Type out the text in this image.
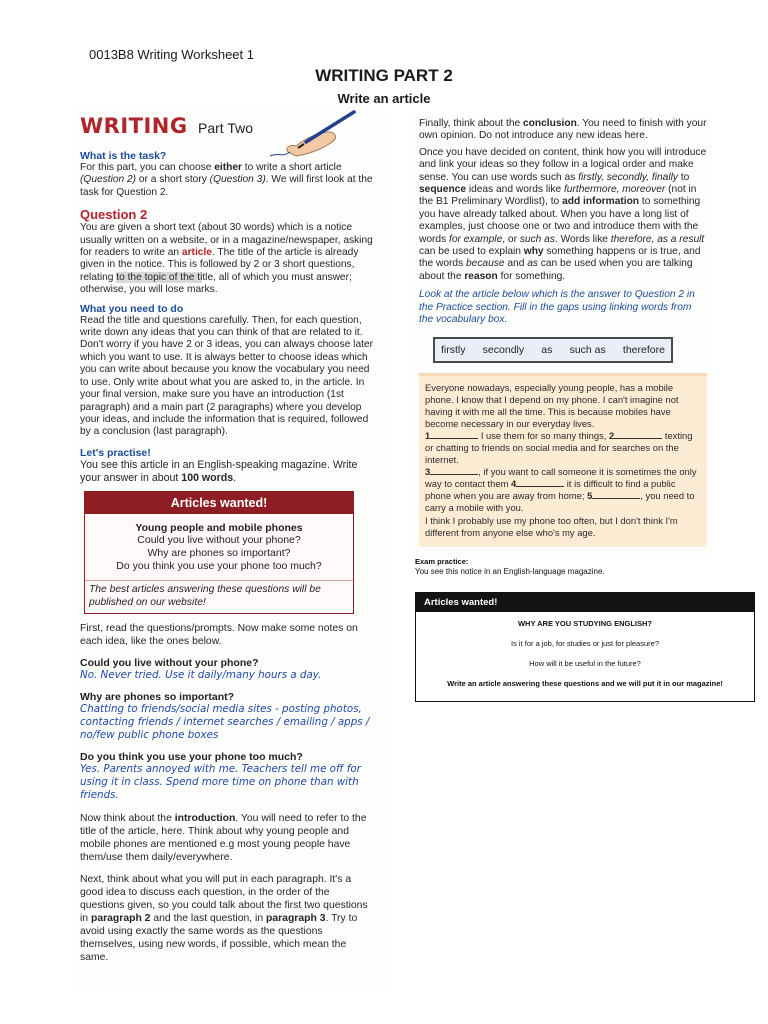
0013B8 Writing Worksheet 1
WRITING PART 2
Write an article
WRITING Part Two
What is the task?
For this part, you can choose either to write a short article (Question 2) or a short story (Question 3). We will first look at the task for Question 2.
Question 2
You are given a short text (about 30 words) which is a notice usually written on a website, or in a magazine/newspaper, asking for readers to write an article. The title of the article is already given in the notice. This is followed by 2 or 3 short questions, relating to the topic of the title, all of which you must answer; otherwise, you will lose marks.
What you need to do
Read the title and questions carefully. Then, for each question, write down any ideas that you can think of that are related to it. Don't worry if you have 2 or 3 ideas, you can always choose later which you want to use. It is always better to choose ideas which you can write about because you know the vocabulary you need to use. Only write about what you are asked to, in the article. In your final version, make sure you have an introduction (1st paragraph) and a main part (2 paragraphs) where you develop your ideas, and include the information that is required, followed by a conclusion (last paragraph).
Let's practise!
You see this article in an English-speaking magazine. Write your answer in about 100 words.
Articles wanted!
Young people and mobile phones
Could you live without your phone?
Why are phones so important?
Do you think you use your phone too much?
The best articles answering these questions will be published on our website!
First, read the questions/prompts. Now make some notes on each idea, like the ones below.
Could you live without your phone?
No. Never tried. Use it daily/many hours a day.
Why are phones so important?
Chatting to friends/social media sites - posting photos, contacting friends / internet searches / emailing / apps / no/few public phone boxes
Do you think you use your phone too much?
Yes. Parents annoyed with me. Teachers tell me off for using it in class. Spend more time on phone than with friends.
Now think about the introduction. You will need to refer to the title of the article, here. Think about why young people and mobile phones are mentioned e.g most young people have them/use them daily/everywhere.
Next, think about what you will put in each paragraph. It's a good idea to discuss each question, in the order of the questions given, so you could talk about the first two questions in paragraph 2 and the last question, in paragraph 3. Try to avoid using exactly the same words as the questions themselves, using new words, if possible, which mean the same.
Finally, think about the conclusion. You need to finish with your own opinion. Do not introduce any new ideas here.
Once you have decided on content, think how you will introduce and link your ideas so they follow in a logical order and make sense. You can use words such as firstly, secondly, finally to sequence ideas and words like furthermore, moreover (not in the B1 Preliminary Wordlist), to add information to something you have already talked about. When you have a long list of examples, just choose one or two and introduce them with the words for example, or such as. Words like therefore, as a result can be used to explain why something happens or is true, and the words because and as can be used when you are talking about the reason for something.
Look at the article below which is the answer to Question 2 in the Practice section. Fill in the gaps using linking words from the vocabulary box.
firstly secondly as such as therefore
Everyone nowadays, especially young people, has a mobile phone. I know that I depend on my phone. I can't imagine not having it with me all the time. This is because mobiles have become necessary in our everyday lives.
1	I use them for so many things, 2	texting or chatting to friends on social media and for searches on the internet.
3	, if you want to call someone it is sometimes the only way to contact them 4	it is difficult to find a public phone when you are away from home; 5	, you need to carry a mobile with you.
I think I probably use my phone too often, but I don't think I'm different from anyone else who's my age.
Exam practice:
You see this notice in an English-language magazine.
Articles wanted!
WHY ARE YOU STUDYING ENGLISH?
Is it for a job, for studies or just for pleasure?
How will it be useful in the future?
Write an article answering these questions and we will put it in our magazine!
